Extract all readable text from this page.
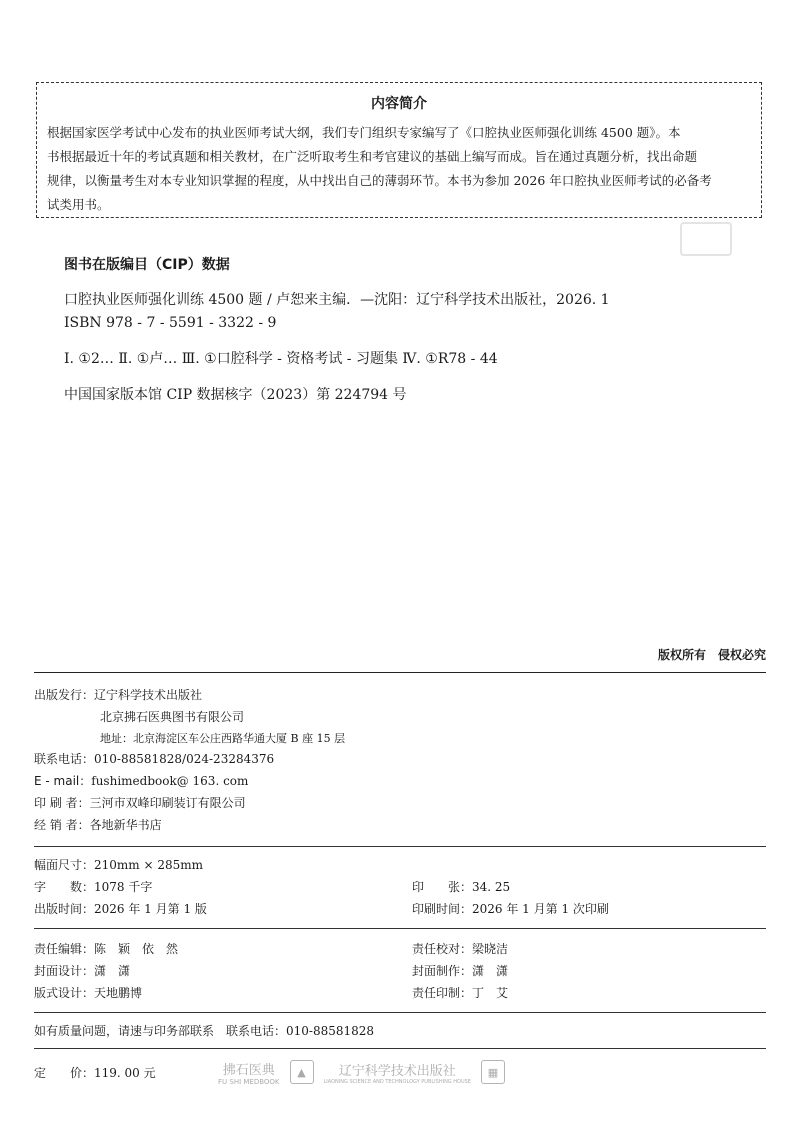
内容简介
根据国家医学考试中心发布的执业医师考试大纲，我们专门组织专家编写了《口腔执业医师强化训练 4500 题》。本
书根据最近十年的考试真题和相关教材，在广泛听取考生和考官建议的基础上编写而成。旨在通过真题分析，找出命题
规律，以衡量考生对本专业知识掌握的程度，从中找出自己的薄弱环节。本书为参加 2026 年口腔执业医师考试的必备考
试类用书。
图书在版编目（CIP）数据
口腔执业医师强化训练 4500 题 / 卢恕来主编．—沈阳：辽宁科学技术出版社，2026. 1
ISBN 978 - 7 - 5591 - 3322 - 9
Ⅰ. ①2… Ⅱ. ①卢… Ⅲ. ①口腔科学 - 资格考试 - 习题集 Ⅳ. ①R78 - 44
中国国家版本馆 CIP 数据核字（2023）第 224794 号
版权所有　侵权必究
出版发行：辽宁科学技术出版社
北京拂石医典图书有限公司
地址：北京海淀区车公庄西路华通大厦 B 座 15 层
联系电话：010-88581828/024-23284376
E - mail：fushimedbook@ 163. com
印 刷 者：三河市双峰印刷装订有限公司
经 销 者：各地新华书店
幅面尺寸：210mm × 285mm
字　　数：1078 千字	印　　张：34. 25
出版时间：2026 年 1 月第 1 版	印刷时间：2026 年 1 月第 1 次印刷
责任编辑：陈　颖　依　然	责任校对：梁晓洁
封面设计：潇　潇	封面制作：潇　潇
版式设计：天地鹏博	责任印制：丁　艾
如有质量问题，请速与印务部联系　联系电话：010-88581828
定　　价：119. 00 元	拂石医典
FU SHI MEDBOOK
▲	辽宁科学技术出版社
LIAONING SCIENCE AND TECHNOLOGY PUBLISHING HOUSE
▦
